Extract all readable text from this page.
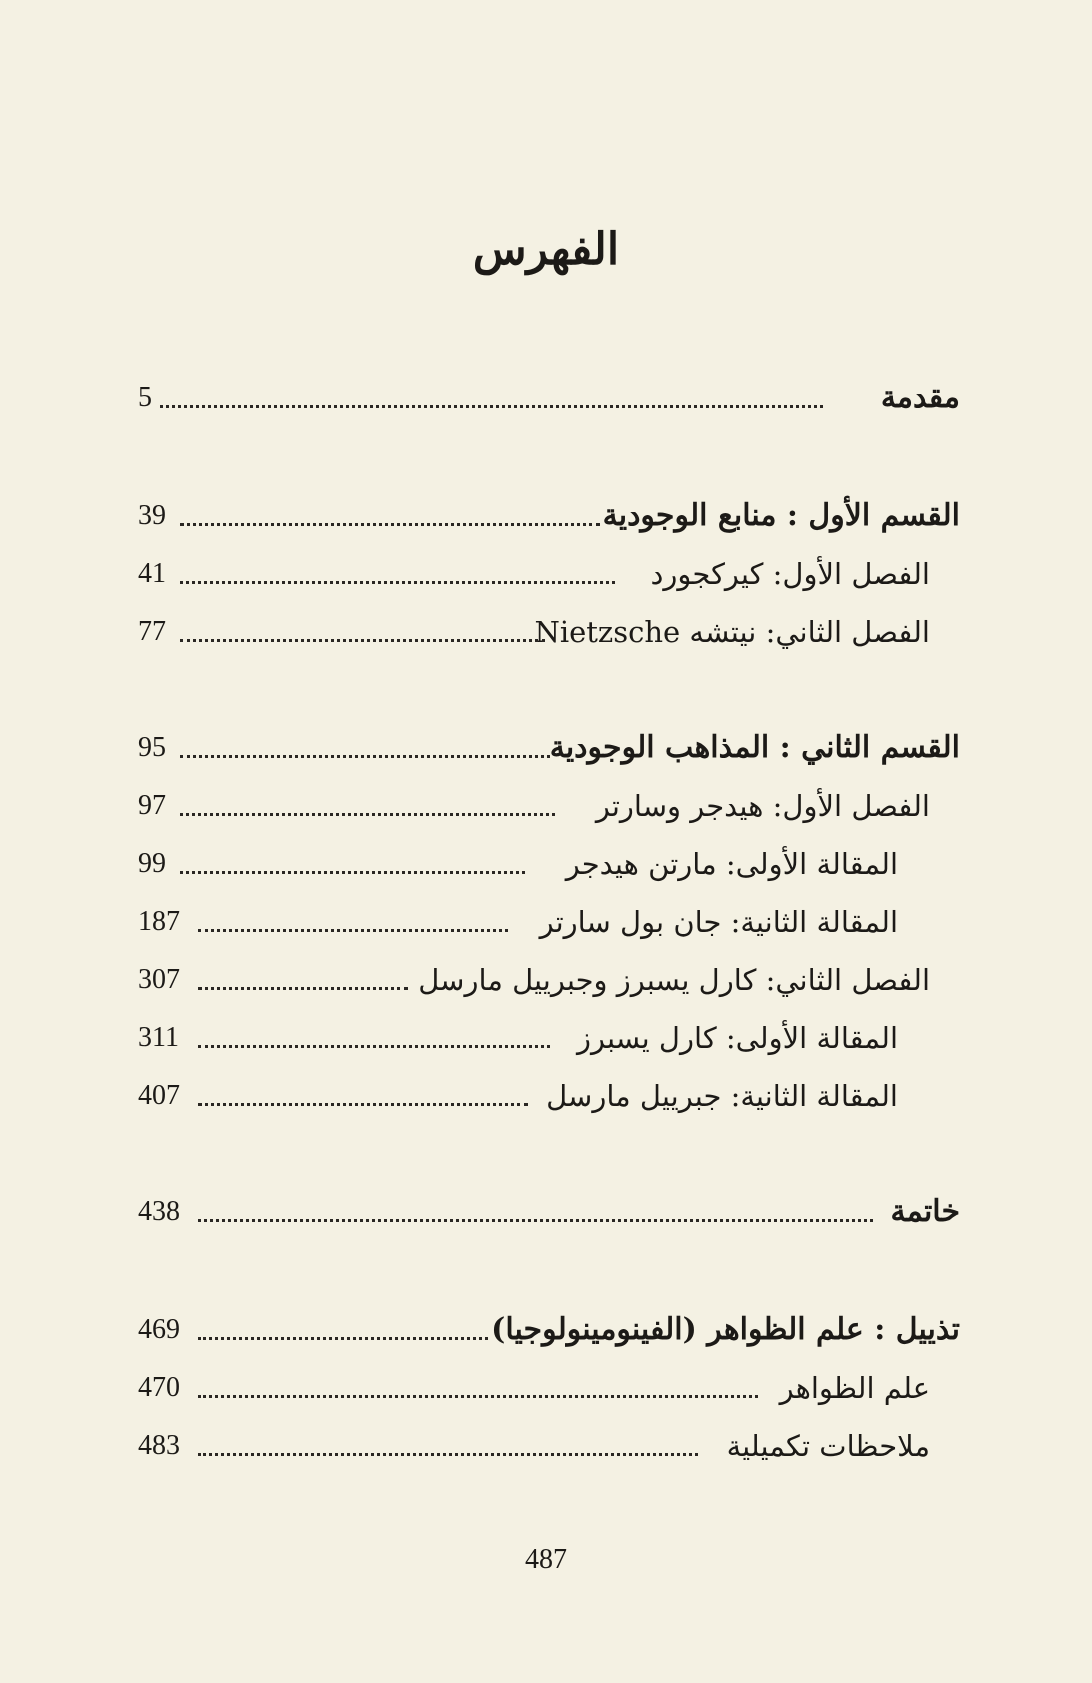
الفهرس
مقدمة
5
القسم الأول : منابع الوجودية
39
الفصل الأول: كيركجورد
41
الفصل الثاني: نيتشه Nietzsche
77
القسم الثاني : المذاهب الوجودية
95
الفصل الأول: هيدجر وسارتر
97
المقالة الأولى: مارتن هيدجر
99
المقالة الثانية: جان بول سارتر
187
الفصل الثاني: كارل يسبرز وجبرييل مارسل
307
المقالة الأولى: كارل يسبرز
311
المقالة الثانية: جبرييل مارسل
407
خاتمة
438
تذييل : علم الظواهر (الفينومينولوجيا)
469
علم الظواهر
470
ملاحظات تكميلية
483
487
